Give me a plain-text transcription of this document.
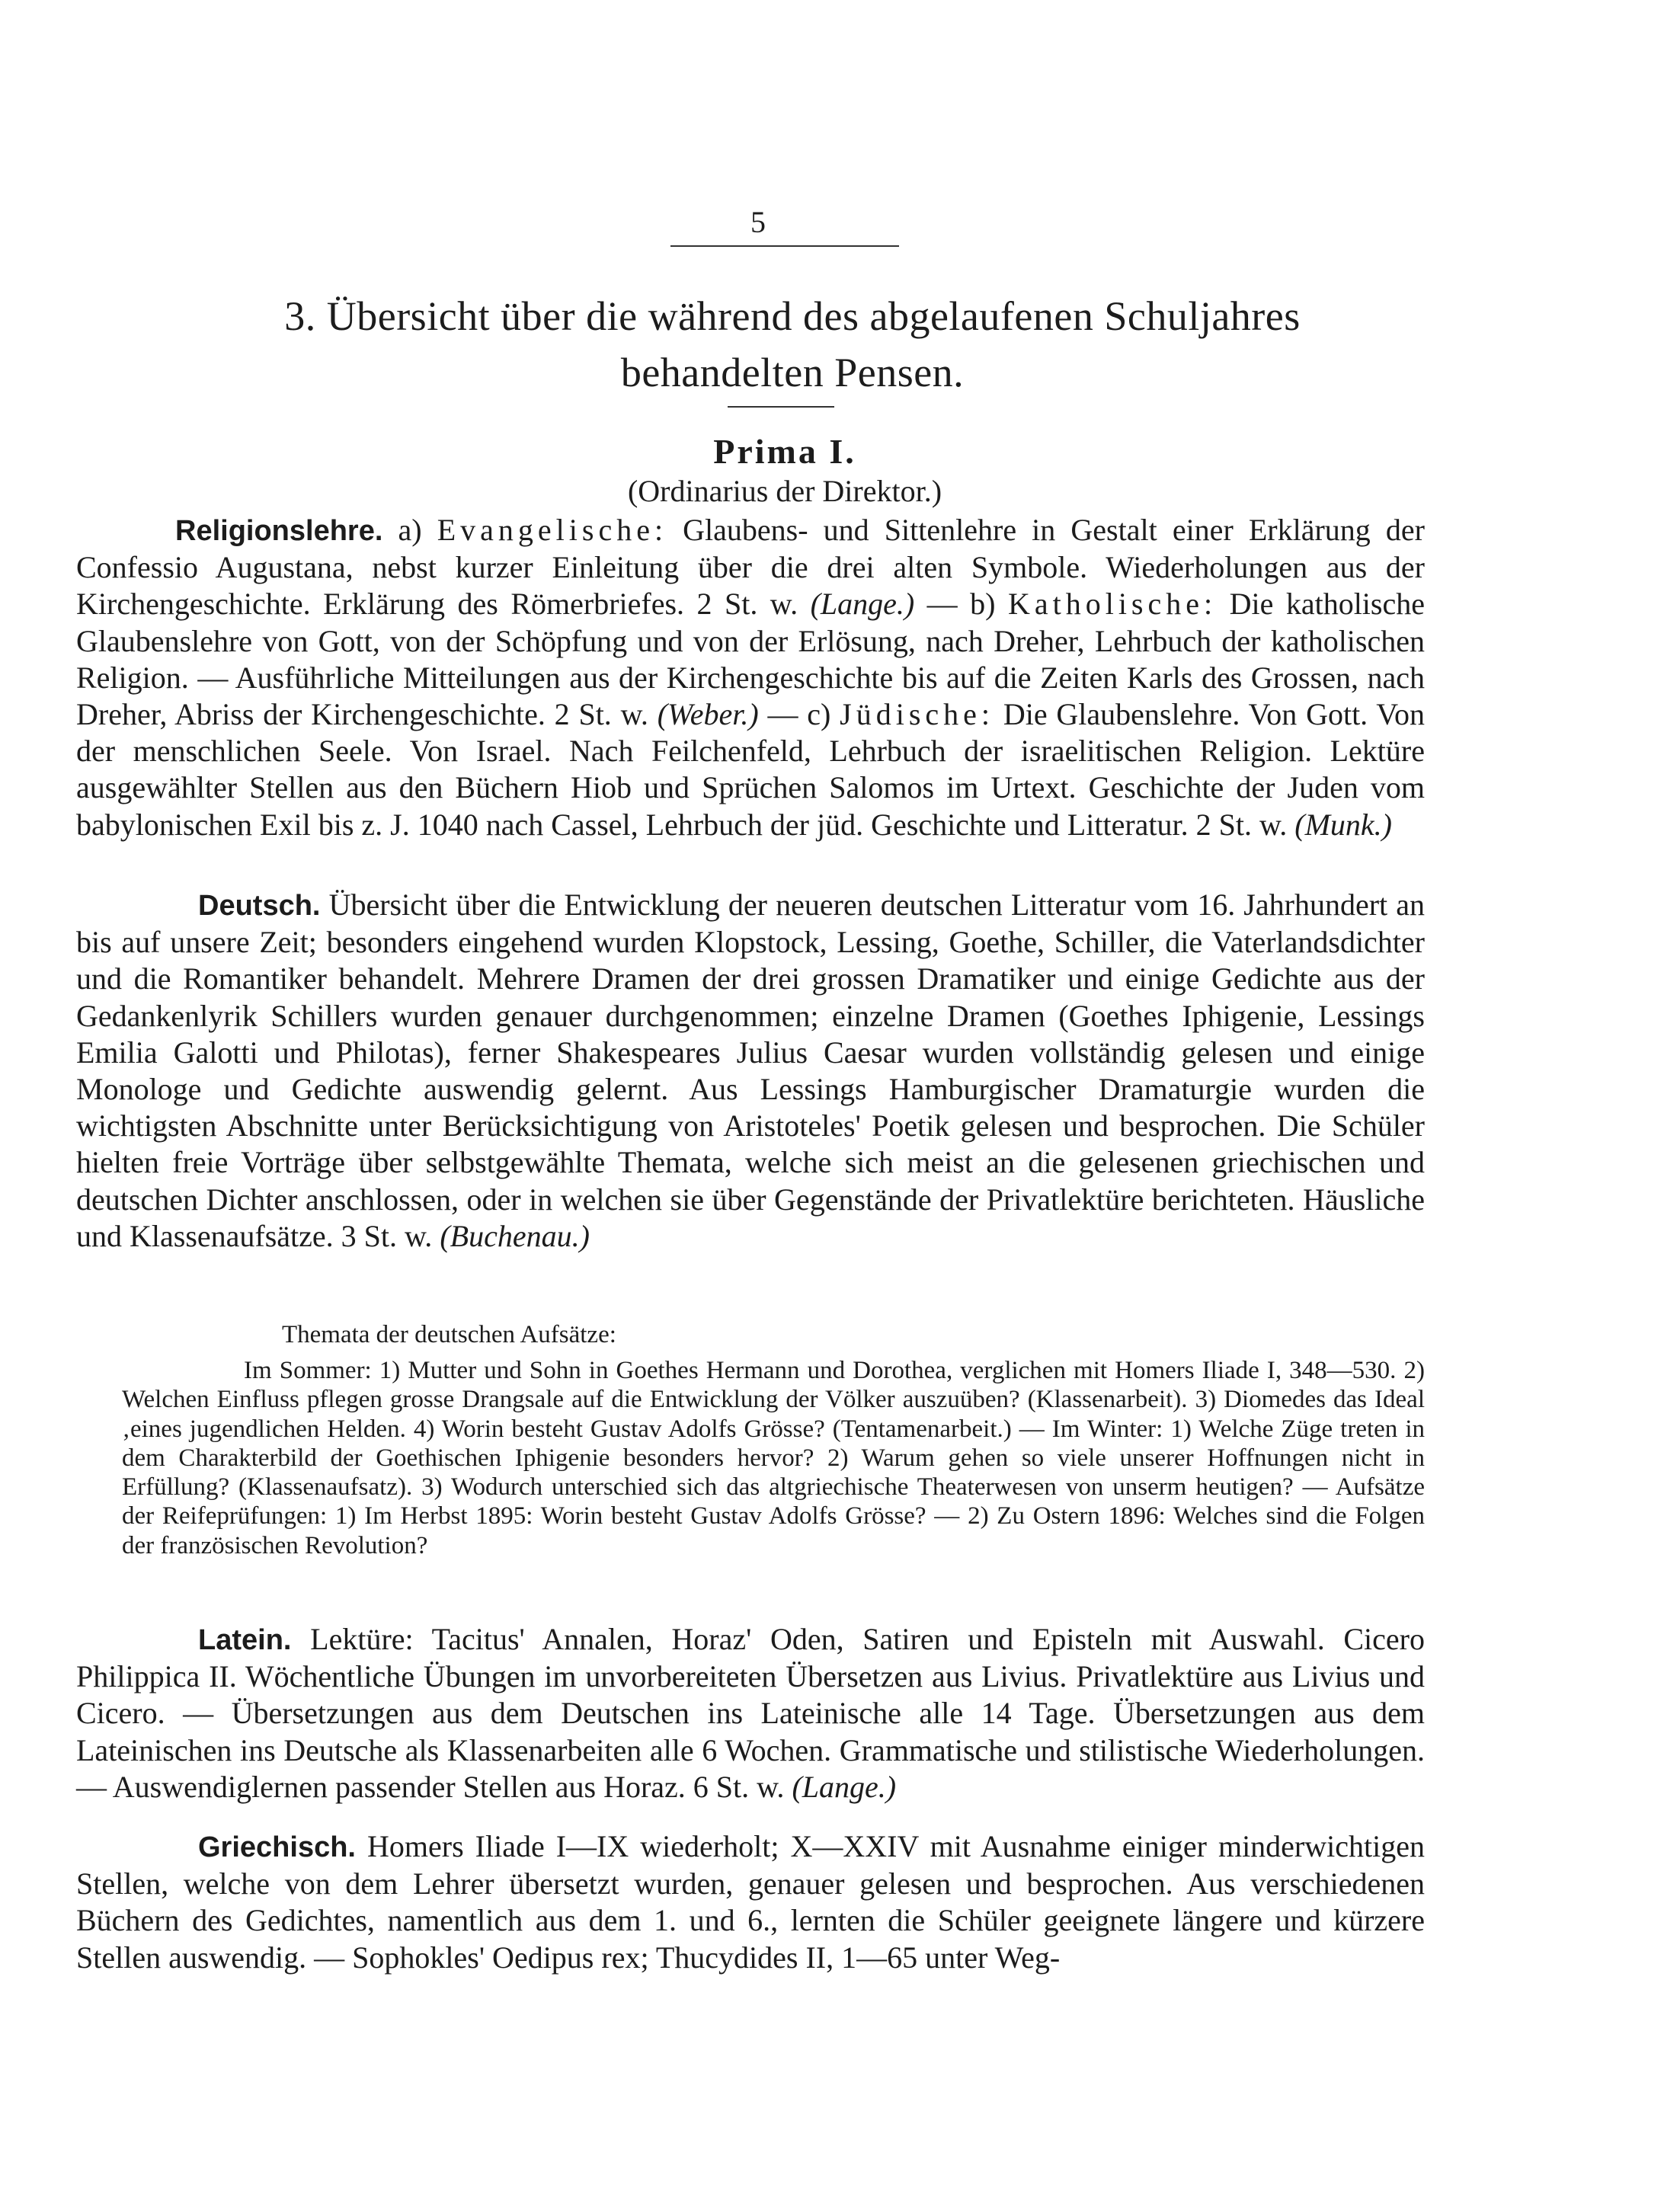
5
3. Übersicht über die während des abgelaufenen Schuljahres
behandelten Pensen.
Prima I.
(Ordinarius der Direktor.)
Religionslehre. a) Evangelische: Glaubens- und Sittenlehre in Gestalt einer Erklärung der Confessio Augustana, nebst kurzer Einleitung über die drei alten Symbole. Wiederholungen aus der Kirchengeschichte. Erklärung des Römerbriefes. 2 St. w. (Lange.) — b) Katholische: Die katholische Glaubenslehre von Gott, von der Schöpfung und von der Erlösung, nach Dreher, Lehrbuch der katholischen Religion. — Ausführliche Mitteilungen aus der Kirchengeschichte bis auf die Zeiten Karls des Grossen, nach Dreher, Abriss der Kirchengeschichte. 2 St. w. (Weber.) — c) Jüdische: Die Glaubenslehre. Von Gott. Von der menschlichen Seele. Von Israel. Nach Feilchenfeld, Lehrbuch der israelitischen Religion. Lektüre ausgewählter Stellen aus den Büchern Hiob und Sprüchen Salomos im Urtext. Geschichte der Juden vom babylonischen Exil bis z. J. 1040 nach Cassel, Lehrbuch der jüd. Geschichte und Litteratur. 2 St. w. (Munk.)
Deutsch. Übersicht über die Entwicklung der neueren deutschen Litteratur vom 16. Jahrhundert an bis auf unsere Zeit; besonders eingehend wurden Klopstock, Lessing, Goethe, Schiller, die Vaterlandsdichter und die Romantiker behandelt. Mehrere Dramen der drei grossen Dramatiker und einige Gedichte aus der Gedankenlyrik Schillers wurden genauer durchgenommen; einzelne Dramen (Goethes Iphigenie, Lessings Emilia Galotti und Philotas), ferner Shakespeares Julius Caesar wurden vollständig gelesen und einige Monologe und Gedichte auswendig gelernt. Aus Lessings Hamburgischer Dramaturgie wurden die wichtigsten Abschnitte unter Berücksichtigung von Aristoteles' Poetik gelesen und besprochen. Die Schüler hielten freie Vorträge über selbstgewählte Themata, welche sich meist an die gelesenen griechischen und deutschen Dichter anschlossen, oder in welchen sie über Gegenstände der Privatlektüre berichteten. Häusliche und Klassenaufsätze. 3 St. w. (Buchenau.)
Themata der deutschen Aufsätze:
Im Sommer: 1) Mutter und Sohn in Goethes Hermann und Dorothea, verglichen mit Homers Iliade I, 348—530. 2) Welchen Einfluss pflegen grosse Drangsale auf die Entwicklung der Völker auszuüben? (Klassenarbeit). 3) Diomedes das Ideal ‚eines jugendlichen Helden. 4) Worin besteht Gustav Adolfs Grösse? (Tentamenarbeit.) — Im Winter: 1) Welche Züge treten in dem Charakterbild der Goethischen Iphigenie besonders hervor? 2) Warum gehen so viele unserer Hoffnungen nicht in Erfüllung? (Klassenaufsatz). 3) Wodurch unterschied sich das altgriechische Theaterwesen von unserm heutigen? — Aufsätze der Reifeprüfungen: 1) Im Herbst 1895: Worin besteht Gustav Adolfs Grösse? — 2) Zu Ostern 1896: Welches sind die Folgen der französischen Revolution?
Latein. Lektüre: Tacitus' Annalen, Horaz' Oden, Satiren und Episteln mit Auswahl. Cicero Philippica II. Wöchentliche Übungen im unvorbereiteten Übersetzen aus Livius. Privatlektüre aus Livius und Cicero. — Übersetzungen aus dem Deutschen ins Lateinische alle 14 Tage. Übersetzungen aus dem Lateinischen ins Deutsche als Klassenarbeiten alle 6 Wochen. Grammatische und stilistische Wiederholungen. — Auswendiglernen passender Stellen aus Horaz. 6 St. w. (Lange.)
Griechisch. Homers Iliade I—IX wiederholt; X—XXIV mit Ausnahme einiger minderwichtigen Stellen, welche von dem Lehrer übersetzt wurden, genauer gelesen und besprochen. Aus verschiedenen Büchern des Gedichtes, namentlich aus dem 1. und 6., lernten die Schüler geeignete längere und kürzere Stellen auswendig. — Sophokles' Oedipus rex; Thucydides II, 1—65 unter Weg-
